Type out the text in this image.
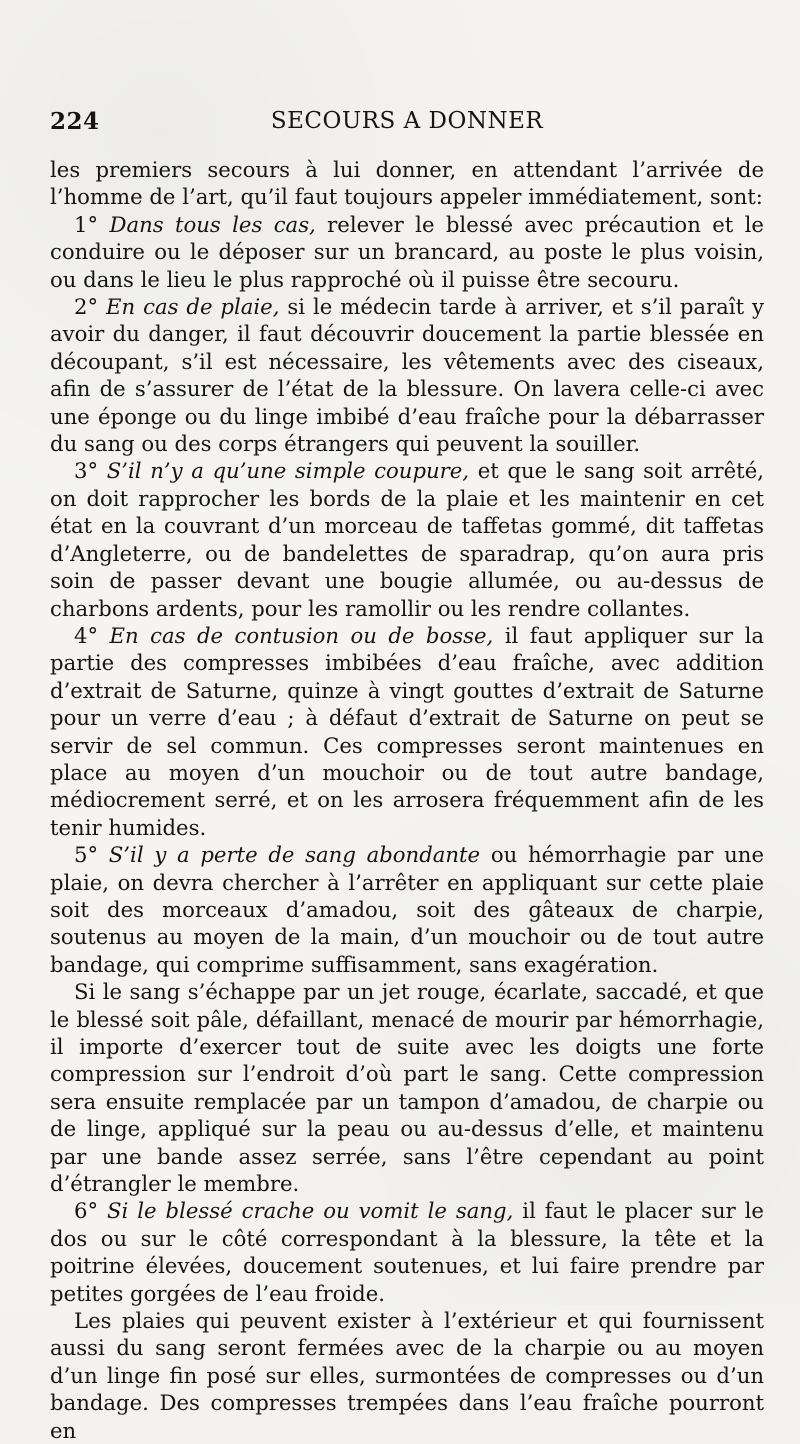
224	SECOURS A DONNER

les premiers secours à lui donner, en attendant l’arrivée de l’homme de l’art, qu’il faut toujours appeler immédiatement, sont:

1° Dans tous les cas, relever le blessé avec précaution et le conduire ou le déposer sur un brancard, au poste le plus voisin, ou dans le lieu le plus rapproché où il puisse être secouru.

2° En cas de plaie, si le médecin tarde à arriver, et s’il paraît y avoir du danger, il faut découvrir doucement la partie blessée en découpant, s’il est nécessaire, les vêtements avec des ciseaux, afin de s’assurer de l’état de la blessure. On lavera celle-ci avec une éponge ou du linge imbibé d’eau fraîche pour la débarrasser du sang ou des corps étrangers qui peuvent la souiller.

3° S’il n’y a qu’une simple coupure, et que le sang soit arrêté, on doit rapprocher les bords de la plaie et les maintenir en cet état en la couvrant d’un morceau de taffetas gommé, dit taffetas d’Angleterre, ou de bandelettes de sparadrap, qu’on aura pris soin de passer devant une bougie allumée, ou au-dessus de charbons ardents, pour les ramollir ou les rendre collantes.

4° En cas de contusion ou de bosse, il faut appliquer sur la partie des compresses imbibées d’eau fraîche, avec addition d’extrait de Saturne, quinze à vingt gouttes d’extrait de Saturne pour un verre d’eau ; à défaut d’extrait de Saturne on peut se servir de sel commun. Ces compresses seront maintenues en place au moyen d’un mouchoir ou de tout autre bandage, médiocrement serré, et on les arrosera fréquemment afin de les tenir humides.

5° S’il y a perte de sang abondante ou hémorrhagie par une plaie, on devra chercher à l’arrêter en appliquant sur cette plaie soit des morceaux d’amadou, soit des gâteaux de charpie, soutenus au moyen de la main, d’un mouchoir ou de tout autre bandage, qui comprime suffisamment, sans exagération.

Si le sang s’échappe par un jet rouge, écarlate, saccadé, et que le blessé soit pâle, défaillant, menacé de mourir par hémorrhagie, il importe d’exercer tout de suite avec les doigts une forte compression sur l’endroit d’où part le sang. Cette compression sera ensuite remplacée par un tampon d’amadou, de charpie ou de linge, appliqué sur la peau ou au-dessus d’elle, et maintenu par une bande assez serrée, sans l’être cependant au point d’étrangler le membre.

6° Si le blessé crache ou vomit le sang, il faut le placer sur le dos ou sur le côté correspondant à la blessure, la tête et la poitrine élevées, doucement soutenues, et lui faire prendre par petites gorgées de l’eau froide.

Les plaies qui peuvent exister à l’extérieur et qui fournissent aussi du sang seront fermées avec de la charpie ou au moyen d’un linge fin posé sur elles, surmontées de compresses ou d’un bandage. Des compresses trempées dans l’eau fraîche pourront en
